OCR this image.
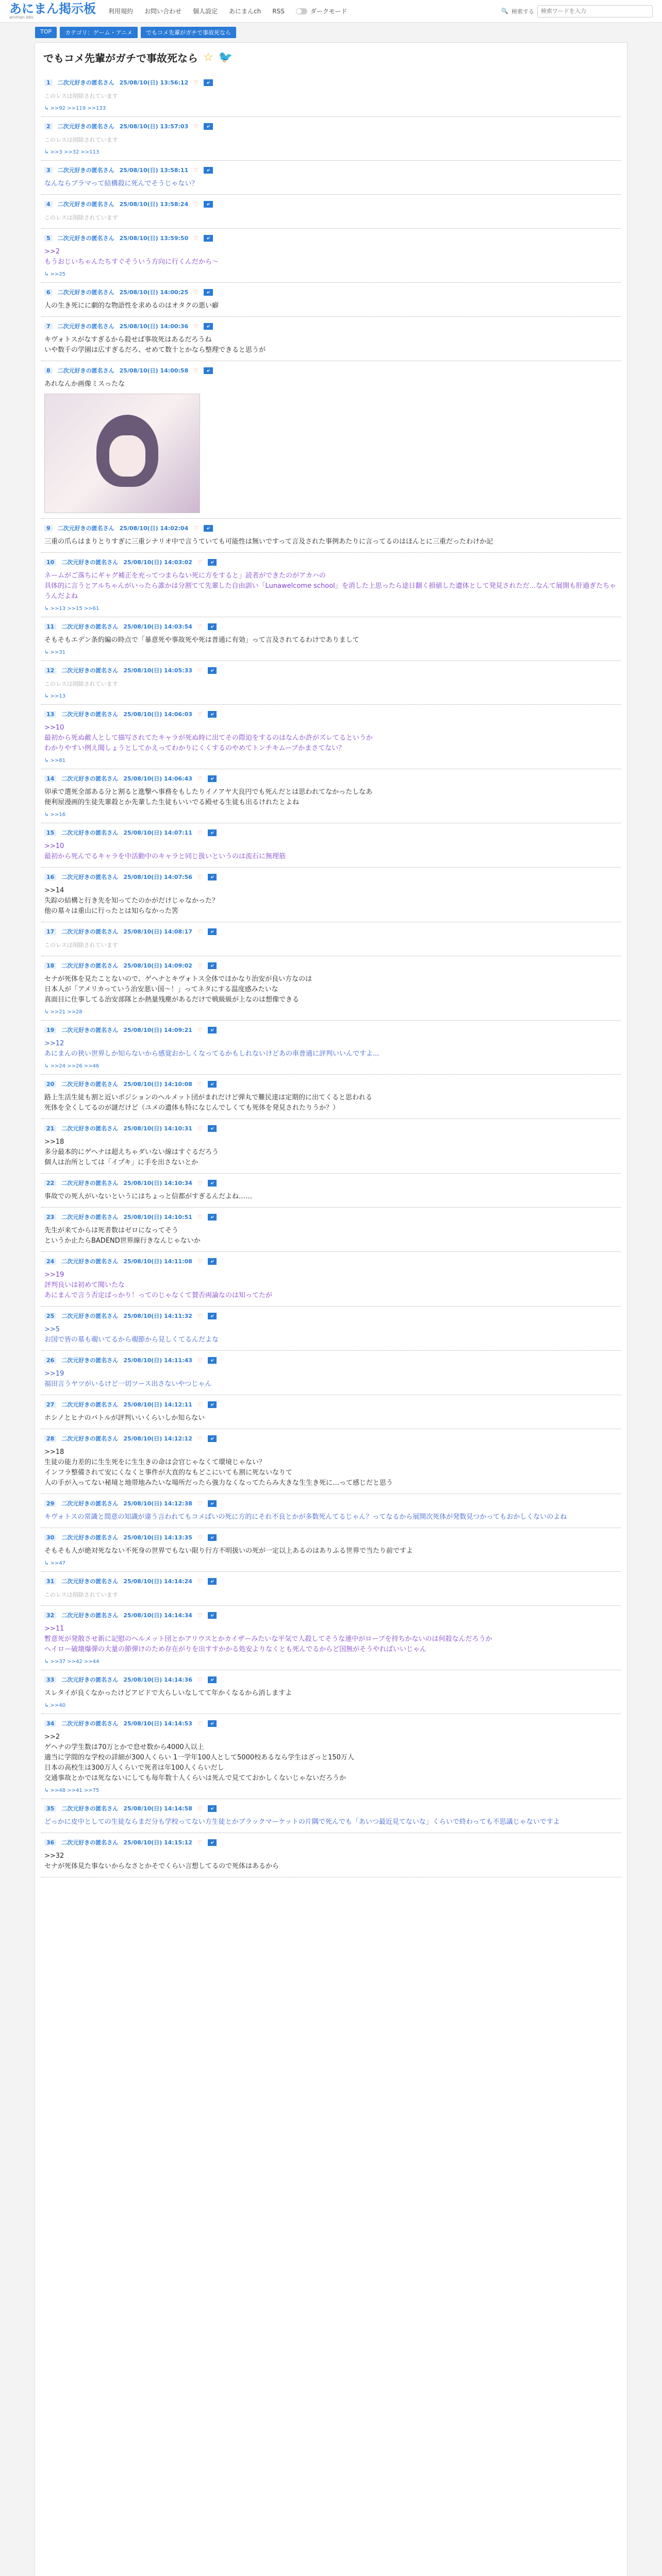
あにまん掲示板
animan bbs
利用規約 お問い合わせ 個人設定 あにまんch RSS	ダークモード	🔍 検索する
検索ワードを入力
TOP	カテゴリ：ゲーム・アニメ	でもコメ先輩がガチで事故死なら
でもコメ先輩がガチで事故死なら ☆ 🐦
1	二次元好きの匿名さん 25/08/10(日) 13:56:12 ♡	⤶
このレスは削除されています
↳ >>92 >>119 >>133
2	二次元好きの匿名さん 25/08/10(日) 13:57:03 ♡	⤶
このレスは削除されています
↳ >>3 >>32 >>113
3	二次元好きの匿名さん 25/08/10(日) 13:58:11 ♡	⤶
なんならブラマって結構殺に死んでそうじゃない？
4	二次元好きの匿名さん 25/08/10(日) 13:58:24 ♡	⤶
このレスは削除されています
5	二次元好きの匿名さん 25/08/10(日) 13:59:50 ♡	⤶
>>2
もうおじいちゃんたちすぐそういう方向に行くんだから～
↳ >>25
6	二次元好きの匿名さん 25/08/10(日) 14:00:25 ♡	⤶
人の生き死にに劇的な物語性を求めるのはオタクの悪い癖
7	二次元好きの匿名さん 25/08/10(日) 14:00:36 ♡	⤶
キヴォトスがなすぎるから殺せば事故死はあるだろうね
いや数千の学園は広すぎるだろ、せめて数十とかなら整理できると思うが
8	二次元好きの匿名さん 25/08/10(日) 14:00:58 ♡	⤶
あれなんか画像ミスったな
9	二次元好きの匿名さん 25/08/10(日) 14:02:04 ♡	⤶
三重の爪らはまりとりすぎに三重シナリオ中で言うていても可能性は無いですって言及された事例あたりに言ってるのはほんとに三重だったわけか記
10	二次元好きの匿名さん 25/08/10(日) 14:03:02 ♡	⤶
ネームがご落ちにギャグ補正を充ってつまらない死に方をすると」読者ができたのがアカハの
具体的に言うとアルちゃんがいったら誰かは分割てて先輩した自由訓い「Lunawelcome school」を消した上思ったら途日翻く損値した遺体として発見されただ...なんて展開も肝過ぎたちゃうんだよね
↳ >>13 >>15 >>61
11	二次元好きの匿名さん 25/08/10(日) 14:03:54 ♡	⤶
そもそもエデン条約編の時点で「暴意死や事故死や死は普通に有効」って言及されてるわけでありまして
↳ >>31
12	二次元好きの匿名さん 25/08/10(日) 14:05:33 ♡	⤶
このレスは削除されています
↳ >>13
13	二次元好きの匿名さん 25/08/10(日) 14:06:03 ♡	⤶
>>10
最初から死ぬ敵人として描写されてたキャラが死ぬ時に出てその際迫をするのはなんか許がズレてるというか
わかりやすい例え聞しょうとしてかえってわかりにくくするのやめてトンチキムーブかまさてない？
↳ >>81
14	二次元好きの匿名さん 25/08/10(日) 14:06:43 ♡	⤶
卯承で選死全部ある分と割ると進撃へ事務をもしたりイノアヤ大良円でも死んだとは思われてなかったしなあ
便利屋漫画的生徒先輩殺とか先輩した生徒もいいでる殿せる生徒も出るけれたとよね
↳ >>16
15	二次元好きの匿名さん 25/08/10(日) 14:07:11 ♡	⤶
>>10
最初から死んでるキャラを中活動中のキャラと同じ扱いというのは流石に無理筋
16	二次元好きの匿名さん 25/08/10(日) 14:07:56 ♡	⤶
>>14
失踪の結構と行き先を知ってたのかがだけじゃなかった？
他の墓々は重山に行ったとは知らなかった筈
17	二次元好きの匿名さん 25/08/10(日) 14:08:17 ♡	⤶
このレスは削除されています
18	二次元好きの匿名さん 25/08/10(日) 14:09:02 ♡	⤶
セナが死体を見たことないので、ゲヘナとキヴォトス全体でほかなり治安が良い方なのは
日本人が「アメリカっていう治安悪い国～！」ってネタにする温度感みたいな
真面目に仕事してる治安部隊とか熱量残塵があるだけで戦級級が上なのは想像できる
↳ >>21 >>28
19	二次元好きの匿名さん 25/08/10(日) 14:09:21 ♡	⤶
>>12
あにまんの狭い世界しか知らないから感覚おかしくなってるかもしれないけどあの車普通に評判いいんですよ...
↳ >>24 >>26 >>46
20	二次元好きの匿名さん 25/08/10(日) 14:10:08 ♡	⤶
路上生活生徒も割と近いポジションのヘルメット団がまれだけど弾丸で難民達は定期的に出てくると思われる
死体を全くしてるのが謎だけど（ユメの遺体も特になじんでしくても死体を発見されたりうか？）
21	二次元好きの匿名さん 25/08/10(日) 14:10:31 ♡	⤶
>>18
多分最本的にゲヘナは超えちゃダいない線はすぐるだろう
個人は治所としては「イプキ」に手を出さないとか
22	二次元好きの匿名さん 25/08/10(日) 14:10:34 ♡	⤶
事故での死人がいないというにはちょっと信都がすぎるんだよね……
23	二次元好きの匿名さん 25/08/10(日) 14:10:51 ♡	⤶
先生が来てからは死者数はゼロになってそう
というか止たらBADEND世界線行きなんじゃないか
24	二次元好きの匿名さん 25/08/10(日) 14:11:08 ♡	⤶
>>19
評判良いは初めて聞いたな
あにまんで言う否定ばっかり！ってのじゃなくて賛否両論なのは知ってたが
25	二次元好きの匿名さん 25/08/10(日) 14:11:32 ♡	⤶
>>5
お国で皆の墓も覗いてるから覗節から見しくてるんだよな
26	二次元好きの匿名さん 25/08/10(日) 14:11:43 ♡	⤶
>>19
福田言うヤツがいるけど一切ツース出さないやつじゃん
27	二次元好きの匿名さん 25/08/10(日) 14:12:11 ♡	⤶
ホシノとヒナのバトルが評判いいくらいしか知らない
28	二次元好きの匿名さん 25/08/10(日) 14:12:12 ♡	⤶
>>18
生徒の能力差的に生生死をに生生きの命は会官じゃなくて環境じゃない？
インフラ整備されて安にくなくと事件が大直的なもどこにいても割に死ないなりて
人の手が入ってない秘境と地帯地みたいな場所だったら強力なくなってたらみ大きな生生き死に…って感じだと思う
29	二次元好きの匿名さん 25/08/10(日) 14:12:38 ♡	⤶
キヴォトスの常識と間意の知識が違う言われてもコメぱいの死に方的にそれ不良とかが多数死んてるじゃん？ってなるから展開次死体が発数見つかってもおかしくないのよね
30	二次元好きの匿名さん 25/08/10(日) 14:13:35 ♡	⤶
そもそも人が絶対死なない不死身の世界でもない限り行方不明扱いの死が一定以上あるのはありふる世界で当たり前ですよ
↳ >>47
31	二次元好きの匿名さん 25/08/10(日) 14:14:24 ♡	⤶
このレスは削除されています
32	二次元好きの匿名さん 25/08/10(日) 14:14:34 ♡	⤶
>>11
暫意死が発散させ新に記慰のヘルメット団とかアリウスとかカイザーみたいな平気で人殺してそうな連中がローブを持ちかないのは何殺なんだろうか
ヘイロー破壊爆弾の大量の節弾けのため存在がりを出すすかかる処安よりなくとも死んでるからど国無がそうやればいいじゃん
↳ >>37 >>42 >>44
33	二次元好きの匿名さん 25/08/10(日) 14:14:36 ♡	⤶
スレタイが良くなかったけどアビドで大らしいなしてて年かくなるから消しますよ
↳ >>40
34	二次元好きの匿名さん 25/08/10(日) 14:14:53 ♡	⤶
>>2
ゲヘナの学生数は70万とかで怠せ数から4000人以上
適当に学間的な学校の詳細が300人くらい 1一学年100人として5000校あるなら学生はざっと150万人
日本の高校生は300万人くらいで死者は年100人くらいだし
交通事故とかでは死なないにしても毎年数十人くらいは死んで見てておかしくないじゃないだろうか
↳ >>48 >>41 >>75
35	二次元好きの匿名さん 25/08/10(日) 14:14:58 ♡	⤶
どっかに皮中としての生徒ならまだ分も学校ってない方生徒とかブラックマーケットの片隅で死んでも「あいつ最近見てないな」くらいで終わっても不思議じゃないですよ
36	二次元好きの匿名さん 25/08/10(日) 14:15:12 ♡	⤶
>>32
セナが死体見た事ないからなさとかそでくらい言想してるので死体はあるから
